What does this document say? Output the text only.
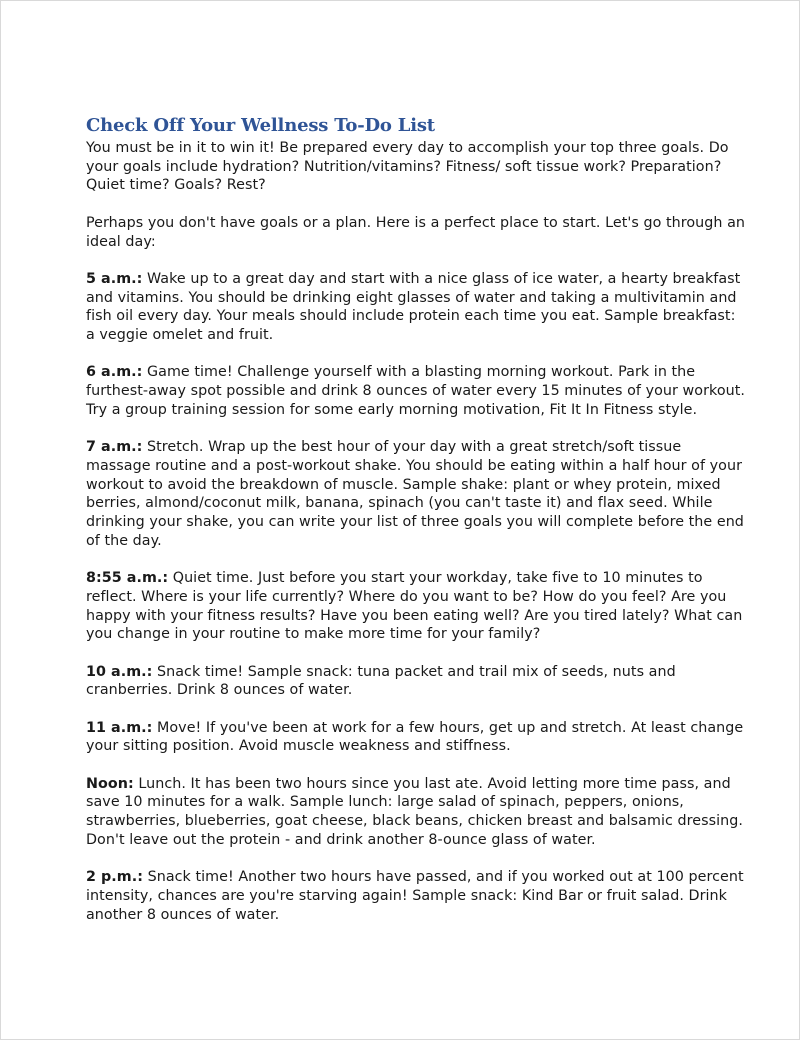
Check Off Your Wellness To-Do List

You must be in it to win it! Be prepared every day to accomplish your top three goals. Do your goals include hydration? Nutrition/vitamins? Fitness/ soft tissue work? Preparation? Quiet time? Goals? Rest?

Perhaps you don't have goals or a plan. Here is a perfect place to start. Let's go through an ideal day:

5 a.m.: Wake up to a great day and start with a nice glass of ice water, a hearty breakfast and vitamins. You should be drinking eight glasses of water and taking a multivitamin and fish oil every day. Your meals should include protein each time you eat. Sample breakfast: a veggie omelet and fruit.

6 a.m.: Game time! Challenge yourself with a blasting morning workout. Park in the furthest-away spot possible and drink 8 ounces of water every 15 minutes of your workout. Try a group training session for some early morning motivation, Fit It In Fitness style.

7 a.m.: Stretch. Wrap up the best hour of your day with a great stretch/soft tissue massage routine and a post-workout shake. You should be eating within a half hour of your workout to avoid the breakdown of muscle. Sample shake: plant or whey protein, mixed berries, almond/coconut milk, banana, spinach (you can't taste it) and flax seed. While drinking your shake, you can write your list of three goals you will complete before the end of the day.

8:55 a.m.: Quiet time. Just before you start your workday, take five to 10 minutes to reflect. Where is your life currently? Where do you want to be? How do you feel? Are you happy with your fitness results? Have you been eating well? Are you tired lately? What can you change in your routine to make more time for your family?

10 a.m.: Snack time! Sample snack: tuna packet and trail mix of seeds, nuts and cranberries. Drink 8 ounces of water.

11 a.m.: Move! If you've been at work for a few hours, get up and stretch. At least change your sitting position. Avoid muscle weakness and stiffness.

Noon: Lunch. It has been two hours since you last ate. Avoid letting more time pass, and save 10 minutes for a walk. Sample lunch: large salad of spinach, peppers, onions, strawberries, blueberries, goat cheese, black beans, chicken breast and balsamic dressing. Don't leave out the protein - and drink another 8-ounce glass of water.

2 p.m.: Snack time! Another two hours have passed, and if you worked out at 100 percent intensity, chances are you're starving again! Sample snack: Kind Bar or fruit salad. Drink another 8 ounces of water.
